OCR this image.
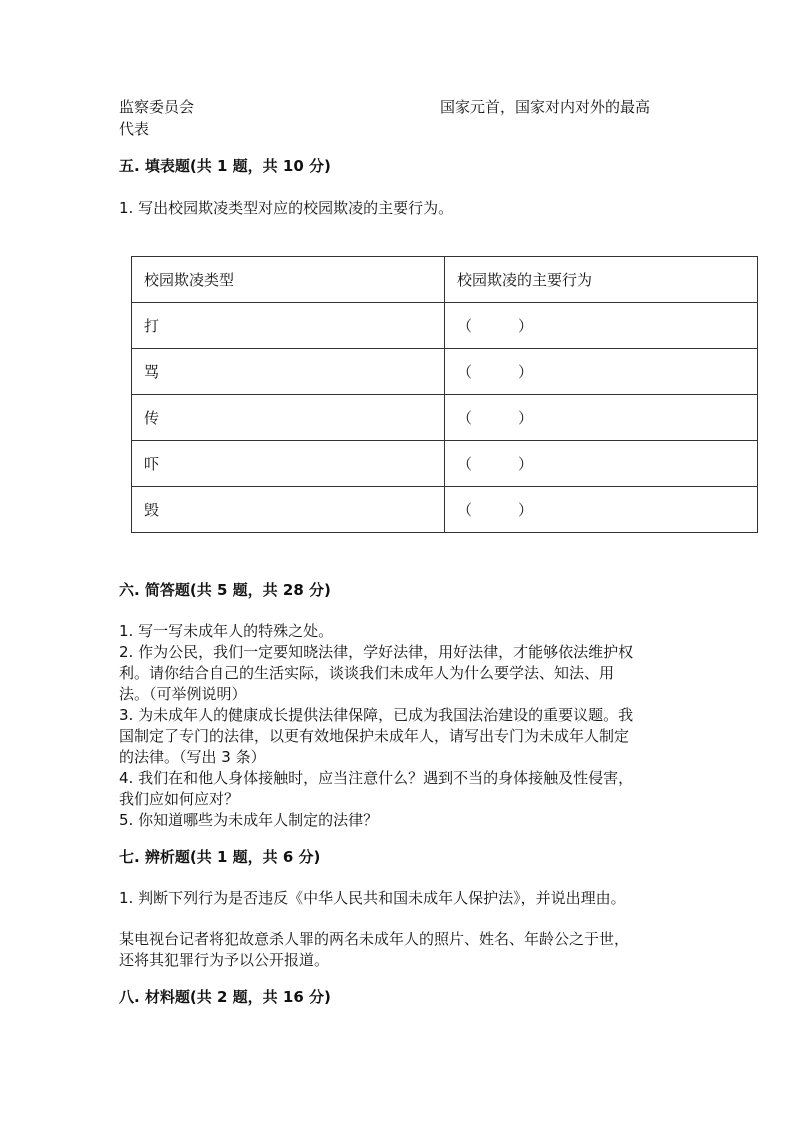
监察委员会	国家元首，国家对内对外的最高
代表
五. 填表题(共 1 题，共 10 分)
1. 写出校园欺凌类型对应的校园欺凌的主要行为。
校园欺凌类型	校园欺凌的主要行为
打	（ ）
骂	（ ）
传	（ ）
吓	（ ）
毁	（ ）
六. 简答题(共 5 题，共 28 分)
1. 写一写未成年人的特殊之处。
2. 作为公民，我们一定要知晓法律，学好法律，用好法律，才能够依法维护权
利。请你结合自己的生活实际，谈谈我们未成年人为什么要学法、知法、用
法。（可举例说明）
3. 为未成年人的健康成长提供法律保障，已成为我国法治建设的重要议题。我
国制定了专门的法律，以更有效地保护未成年人，请写出专门为未成年人制定
的法律。（写出 3 条）
4. 我们在和他人身体接触时，应当注意什么？遇到不当的身体接触及性侵害，
我们应如何应对？
5. 你知道哪些为未成年人制定的法律？
七. 辨析题(共 1 题，共 6 分)
1. 判断下列行为是否违反《中华人民共和国未成年人保护法》，并说出理由。
某电视台记者将犯故意杀人罪的两名未成年人的照片、姓名、年龄公之于世，
还将其犯罪行为予以公开报道。
八. 材料题(共 2 题，共 16 分)
